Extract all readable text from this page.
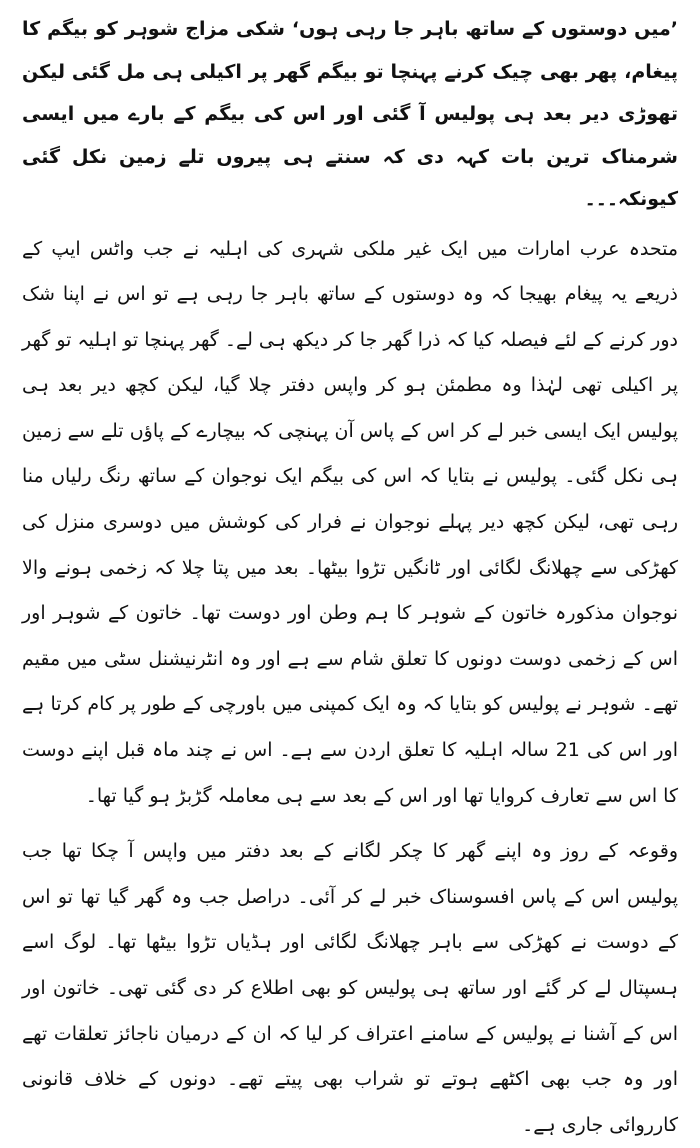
’میں دوستوں کے ساتھ باہر جا رہی ہوں‘ شکی مزاج شوہر کو بیگم کا پیغام، پھر بھی چیک کرنے پہنچا تو بیگم گھر پر اکیلی ہی مل گئی لیکن تھوڑی دیر بعد ہی پولیس آ گئی اور اس کی بیگم کے بارے میں ایسی شرمناک ترین بات کہہ دی کہ سنتے ہی پیروں تلے زمین نکل گئی کیونکہ۔۔۔

متحدہ عرب امارات میں ایک غیر ملکی شہری کی اہلیہ نے جب واٹس ایپ کے ذریعے یہ پیغام بھیجا کہ وہ دوستوں کے ساتھ باہر جا رہی ہے تو اس نے اپنا شک دور کرنے کے لئے فیصلہ کیا کہ ذرا گھر جا کر دیکھ ہی لے۔ گھر پہنچا تو اہلیہ تو گھر پر اکیلی تھی لہٰذا وہ مطمئن ہو کر واپس دفتر چلا گیا، لیکن کچھ دیر بعد ہی پولیس ایک ایسی خبر لے کر اس کے پاس آن پہنچی کہ بیچارے کے پاؤں تلے سے زمین ہی نکل گئی۔ پولیس نے بتایا کہ اس کی بیگم ایک نوجوان کے ساتھ رنگ رلیاں منا رہی تھی، لیکن کچھ دیر پہلے نوجوان نے فرار کی کوشش میں دوسری منزل کی کھڑکی سے چھلانگ لگائی اور ٹانگیں تڑوا بیٹھا۔ بعد میں پتا چلا کہ زخمی ہونے والا نوجوان مذکورہ خاتون کے شوہر کا ہم وطن اور دوست تھا۔ خاتون کے شوہر اور اس کے زخمی دوست دونوں کا تعلق شام سے ہے اور وہ انٹرنیشنل سٹی میں مقیم تھے۔ شوہر نے پولیس کو بتایا کہ وہ ایک کمپنی میں باورچی کے طور پر کام کرتا ہے اور اس کی 21 سالہ اہلیہ کا تعلق اردن سے ہے۔ اس نے چند ماہ قبل اپنے دوست کا اس سے تعارف کروایا تھا اور اس کے بعد سے ہی معاملہ گڑبڑ ہو گیا تھا۔

وقوعہ کے روز وہ اپنے گھر کا چکر لگانے کے بعد دفتر میں واپس آ چکا تھا جب پولیس اس کے پاس افسوسناک خبر لے کر آئی۔ دراصل جب وہ گھر گیا تھا تو اس کے دوست نے کھڑکی سے باہر چھلانگ لگائی اور ہڈیاں تڑوا بیٹھا تھا۔ لوگ اسے ہسپتال لے کر گئے اور ساتھ ہی پولیس کو بھی اطلاع کر دی گئی تھی۔ خاتون اور اس کے آشنا نے پولیس کے سامنے اعتراف کر لیا کہ ان کے درمیان ناجائز تعلقات تھے اور وہ جب بھی اکٹھے ہوتے تو شراب بھی پیتے تھے۔ دونوں کے خلاف قانونی کارروائی جاری ہے۔
